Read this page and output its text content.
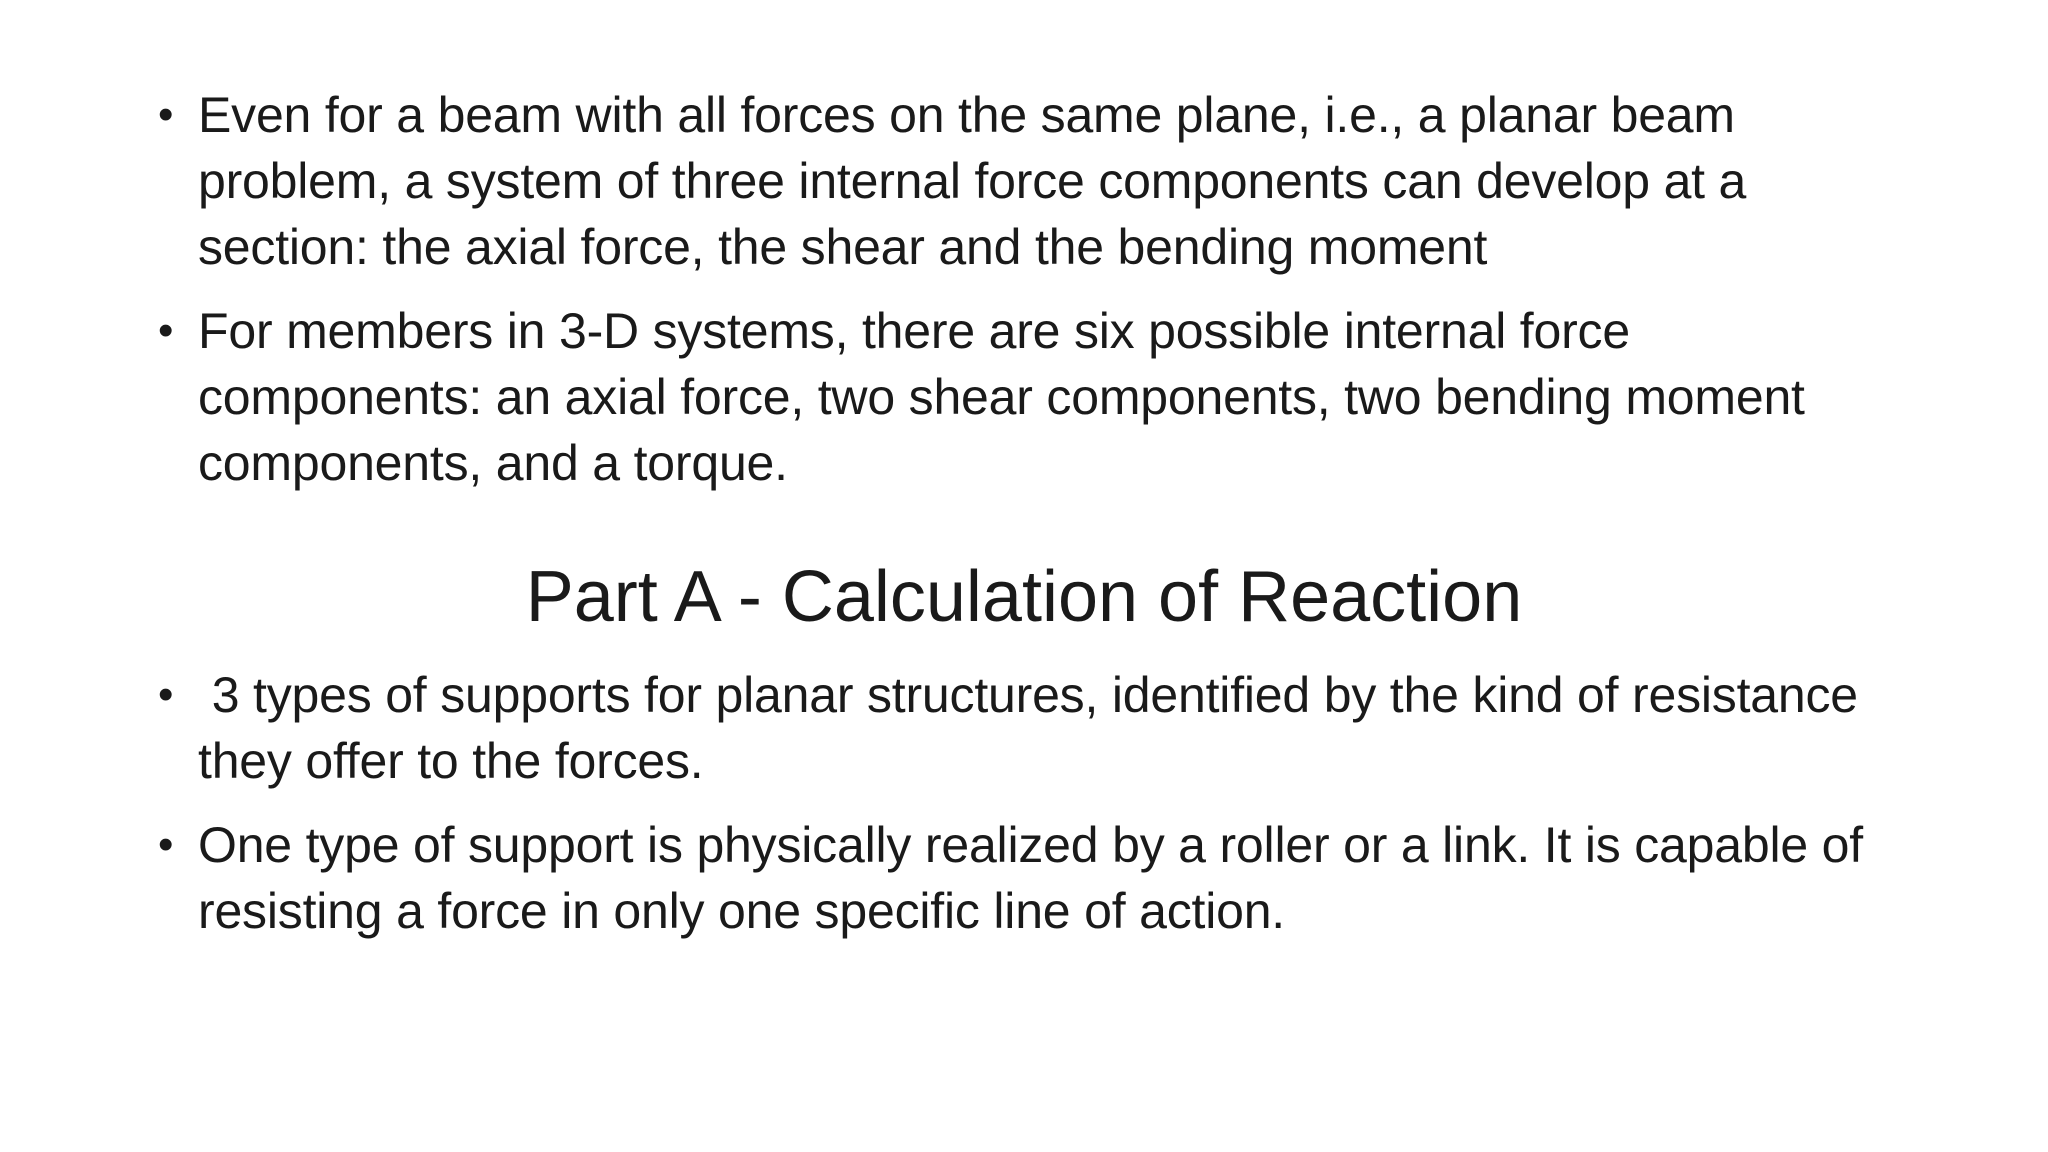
• Even for a beam with all forces on the same plane, i.e., a planar beam problem, a system of three internal force components can develop at a section: the axial force, the shear and the bending moment
• For members in 3-D systems, there are six possible internal force components: an axial force, two shear components, two bending moment components, and a torque.
Part A - Calculation of Reaction
• 3 types of supports for planar structures, identified by the kind of resistance they offer to the forces.
• One type of support is physically realized by a roller or a link. It is capable of resisting a force in only one specific line of action.
